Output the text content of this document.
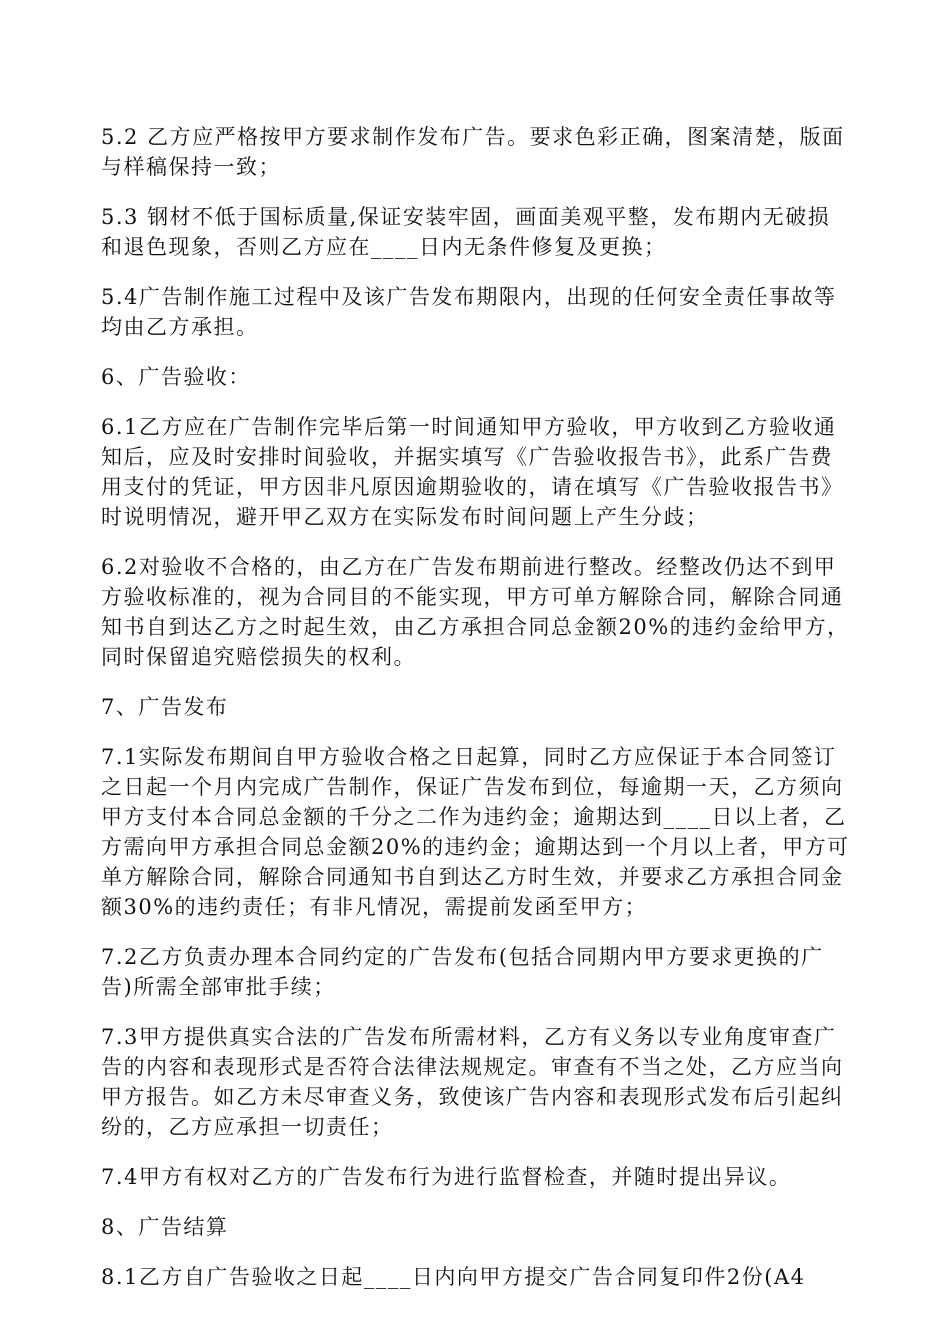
5.2 乙方应严格按甲方要求制作发布广告。要求色彩正确，图案清楚，版面与样稿保持一致；

5.3 钢材不低于国标质量,保证安装牢固，画面美观平整，发布期内无破损和退色现象，否则乙方应在____日内无条件修复及更换；

5.4广告制作施工过程中及该广告发布期限内，出现的任何安全责任事故等均由乙方承担。

6、广告验收：

6.1乙方应在广告制作完毕后第一时间通知甲方验收，甲方收到乙方验收通知后，应及时安排时间验收，并据实填写《广告验收报告书》，此系广告费用支付的凭证，甲方因非凡原因逾期验收的，请在填写《广告验收报告书》时说明情况，避开甲乙双方在实际发布时间问题上产生分歧；

6.2对验收不合格的，由乙方在广告发布期前进行整改。经整改仍达不到甲方验收标准的，视为合同目的不能实现，甲方可单方解除合同，解除合同通知书自到达乙方之时起生效，由乙方承担合同总金额20%的违约金给甲方，同时保留追究赔偿损失的权利。

7、广告发布

7.1实际发布期间自甲方验收合格之日起算，同时乙方应保证于本合同签订之日起一个月内完成广告制作，保证广告发布到位，每逾期一天，乙方须向甲方支付本合同总金额的千分之二作为违约金；逾期达到____日以上者，乙方需向甲方承担合同总金额20%的违约金；逾期达到一个月以上者，甲方可单方解除合同，解除合同通知书自到达乙方时生效，并要求乙方承担合同金额30%的违约责任；有非凡情况，需提前发函至甲方；

7.2乙方负责办理本合同约定的广告发布(包括合同期内甲方要求更换的广告)所需全部审批手续；

7.3甲方提供真实合法的广告发布所需材料，乙方有义务以专业角度审查广告的内容和表现形式是否符合法律法规规定。审查有不当之处，乙方应当向甲方报告。如乙方未尽审查义务，致使该广告内容和表现形式发布后引起纠纷的，乙方应承担一切责任；

7.4甲方有权对乙方的广告发布行为进行监督检查，并随时提出异议。

8、广告结算

8.1乙方自广告验收之日起____日内向甲方提交广告合同复印件2份(A4
